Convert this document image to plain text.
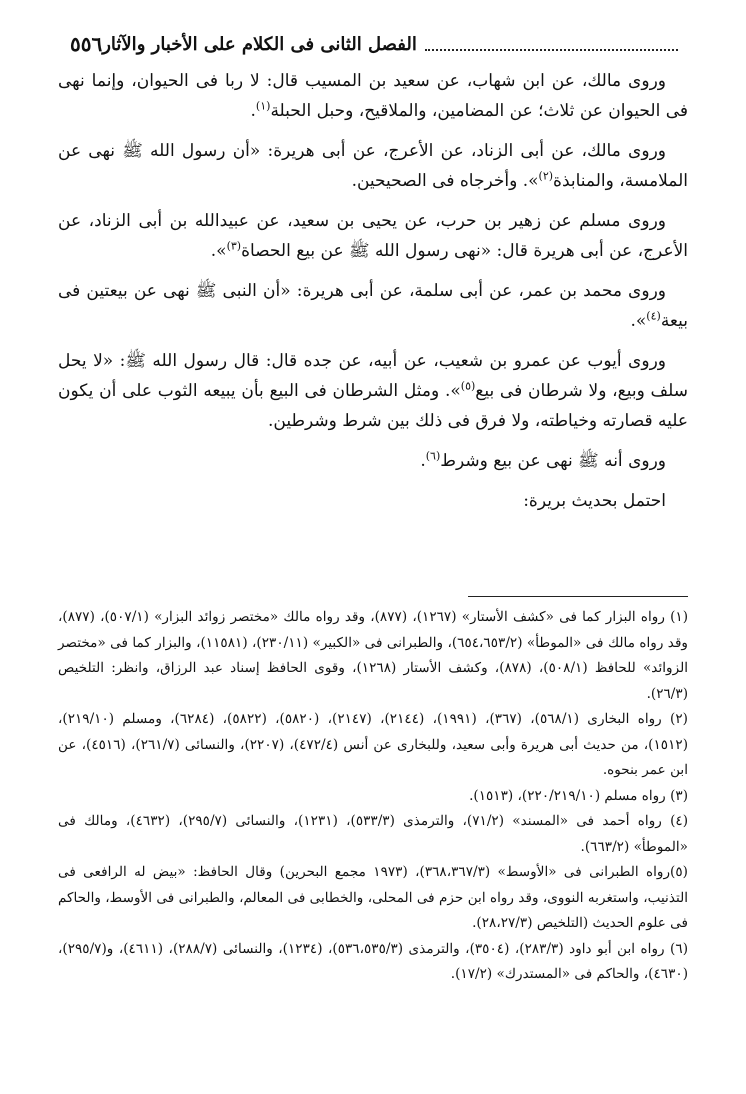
٥٥٦ الفصل الثانى فى الكلام على الأخبار والآثار

وروى مالك، عن ابن شهاب، عن سعيد بن المسيب قال: لا ربا فى الحيوان، وإنما نهى فى الحيوان عن ثلاث؛ عن المضامين، والملاقيح، وحبل الحبلة$^{(١)}$.

وروى مالك، عن أبى الزناد، عن الأعرج، عن أبى هريرة: «أن رسول الله ﷺ نهى عن الملامسة، والمنابذة$^{(٢)}$». وأخرجاه فى الصحيحين.

وروى مسلم عن زهير بن حرب، عن يحيى بن سعيد، عن عبيدالله بن أبى الزناد، عن الأعرج، عن أبى هريرة قال: «نهى رسول الله ﷺ عن بيع الحصاة$^{(٣)}$».

وروى محمد بن عمر، عن أبى سلمة، عن أبى هريرة: «أن النبى ﷺ نهى عن بيعتين فى بيعة$^{(٤)}$».

وروى أيوب عن عمرو بن شعيب، عن أبيه، عن جده قال: قال رسول الله ﷺ: «لا يحل سلف وبيع، ولا شرطان فى بيع$^{(٥)}$». ومثل الشرطان فى البيع بأن يبيعه الثوب على أن يكون عليه قصارته وخياطته، ولا فرق فى ذلك بين شرط وشرطين.

وروى أنه ﷺ نهى عن بيع وشرط$^{(٦)}$.

احتمل بحديث بريرة:

(١) رواه البزار كما فى «كشف الأستار» (١٢٦٧)، (٨٧٧)، وقد رواه مالك «مختصر زوائد البزار» (٥٠٧/١)، (٨٧٧)، وقد رواه مالك فى «الموطأ» (٦٥٤،٦٥٣/٢)، والطبرانى فى «الكبير» (٢٣٠/١١)، (١١٥٨١)، والبزار كما فى «مختصر الزوائد» للحافظ (٥٠٨/١)، (٨٧٨)، وكشف الأستار (١٢٦٨)، وقوى الحافظ إسناد عبد الرزاق، وانظر: التلخيص (٢٦/٣).

(٢) رواه البخارى (٥٦٨/١)، (٣٦٧)، (١٩٩١)، (٢١٤٤)، (٢١٤٧)، (٥٨٢٠)، (٥٨٢٢)، (٦٢٨٤)، ومسلم (٢١٩/١٠)، (١٥١٢)، من حديث أبى هريرة وأبى سعيد، وللبخارى عن أنس (٤٧٢/٤)، (٢٢٠٧)، والنسائى (٢٦١/٧)، (٤٥١٦)، عن ابن عمر بنحوه.

(٣) رواه مسلم (٢٢٠/٢١٩/١٠)، (١٥١٣).

(٤) رواه أحمد فى «المسند» (٧١/٢)، والترمذى (٥٣٣/٣)، (١٢٣١)، والنسائى (٢٩٥/٧)، (٤٦٣٢)، ومالك فى «الموطأ» (٦٦٣/٢).

(٥)رواه الطبرانى فى «الأوسط» (٣٦٨،٣٦٧/٣)، (١٩٧٣ مجمع البحرين) وقال الحافظ: «بيض له الرافعى فى التذنيب، واستغربه النووى، وقد رواه ابن حزم فى المحلى، والخطابى فى المعالم، والطبرانى فى الأوسط، والحاكم فى علوم الحديث (التلخيص (٢٨،٢٧/٣).

(٦) رواه ابن أبو داود (٢٨٣/٣)، (٣٥٠٤)، والترمذى (٥٣٦،٥٣٥/٣)، (١٢٣٤)، والنسائى (٢٨٨/٧)، (٤٦١١)، و(٢٩٥/٧)، (٤٦٣٠)، والحاكم فى «المستدرك» (١٧/٢).
